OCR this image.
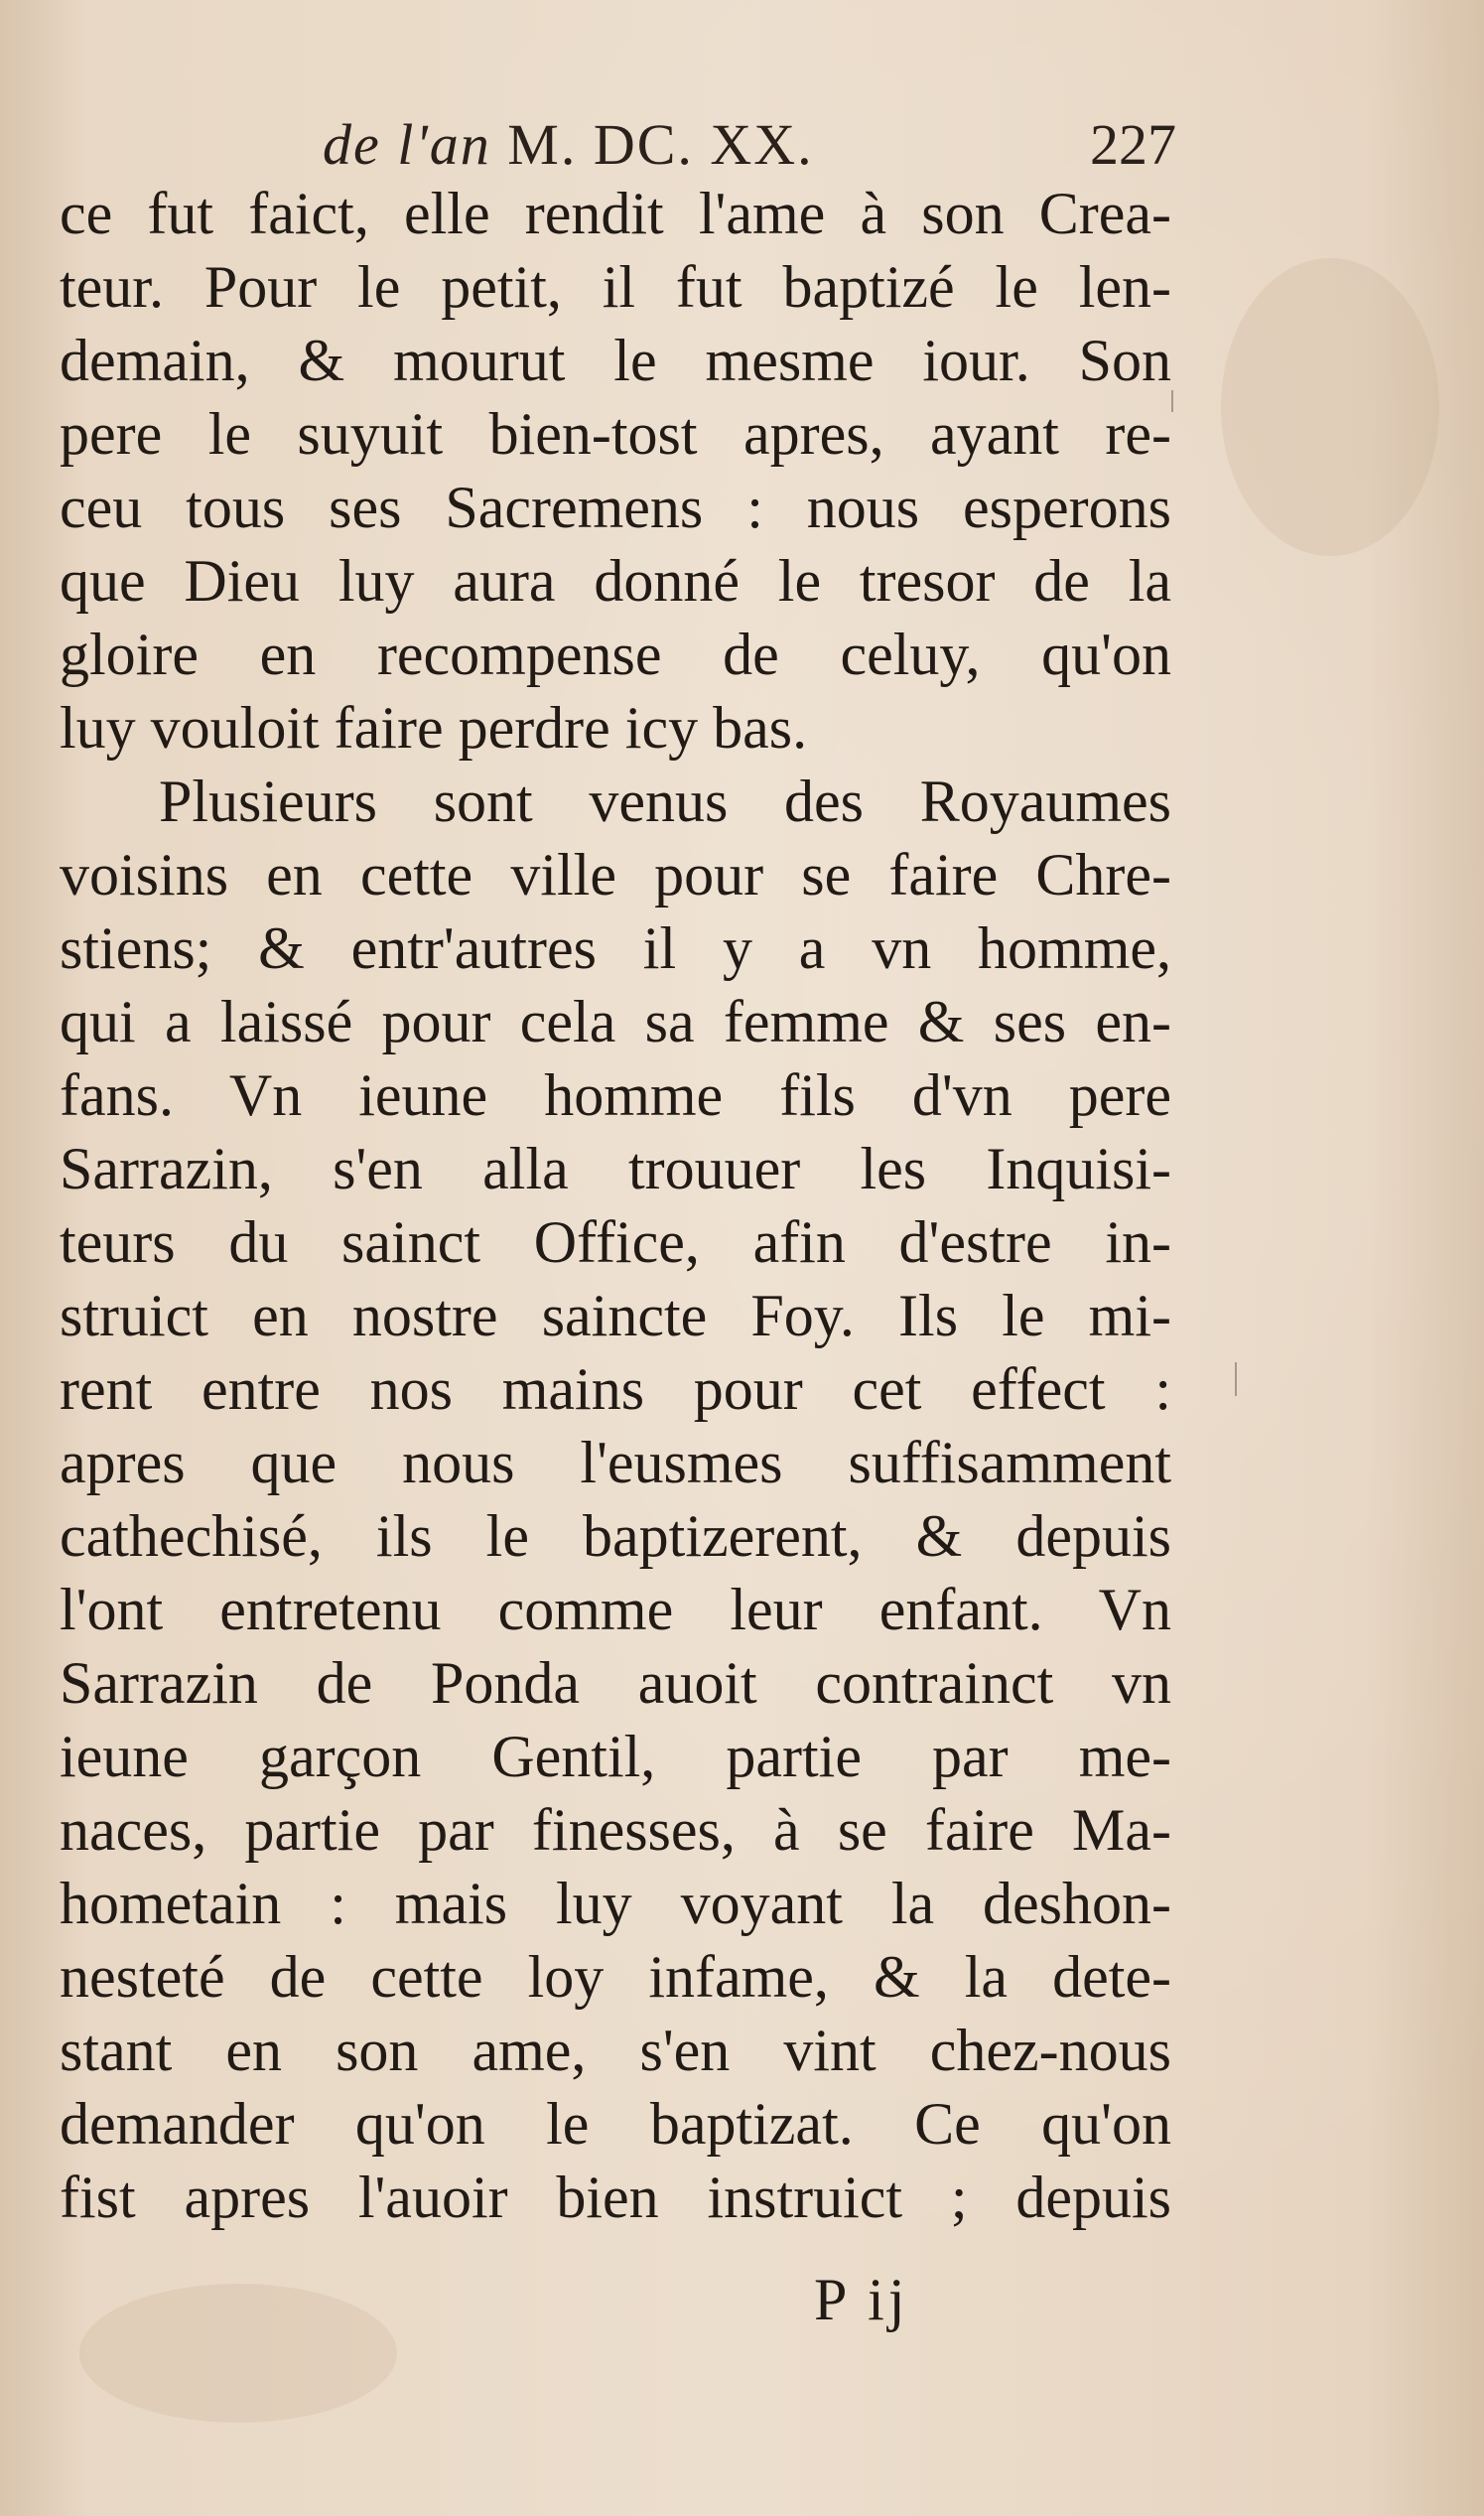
de l'an M. DC. XX.	227
ce fut faict, elle rendit l'ame à son Crea-
teur. Pour le petit, il fut baptizé le len-
demain, & mourut le mesme iour. Son
pere le suyuit bien-tost apres, ayant re-
ceu tous ses Sacremens : nous esperons
que Dieu luy aura donné le tresor de la
gloire en recompense de celuy, qu'on
luy vouloit faire perdre icy bas.
Plusieurs sont venus des Royaumes
voisins en cette ville pour se faire Chre-
stiens; & entr'autres il y a vn homme,
qui a laissé pour cela sa femme & ses en-
fans. Vn ieune homme fils d'vn pere
Sarrazin, s'en alla trouuer les Inquisi-
teurs du sainct Office, afin d'estre in-
struict en nostre saincte Foy. Ils le mi-
rent entre nos mains pour cet effect :
apres que nous l'eusmes suffisamment
cathechisé, ils le baptizerent, & depuis
l'ont entretenu comme leur enfant. Vn
Sarrazin de Ponda auoit contrainct vn
ieune garçon Gentil, partie par me-
naces, partie par finesses, à se faire Ma-
hometain : mais luy voyant la deshon-
nesteté de cette loy infame, & la dete-
stant en son ame, s'en vint chez-nous
demander qu'on le baptizat. Ce qu'on
fist apres l'auoir bien instruict ; depuis
P ij
